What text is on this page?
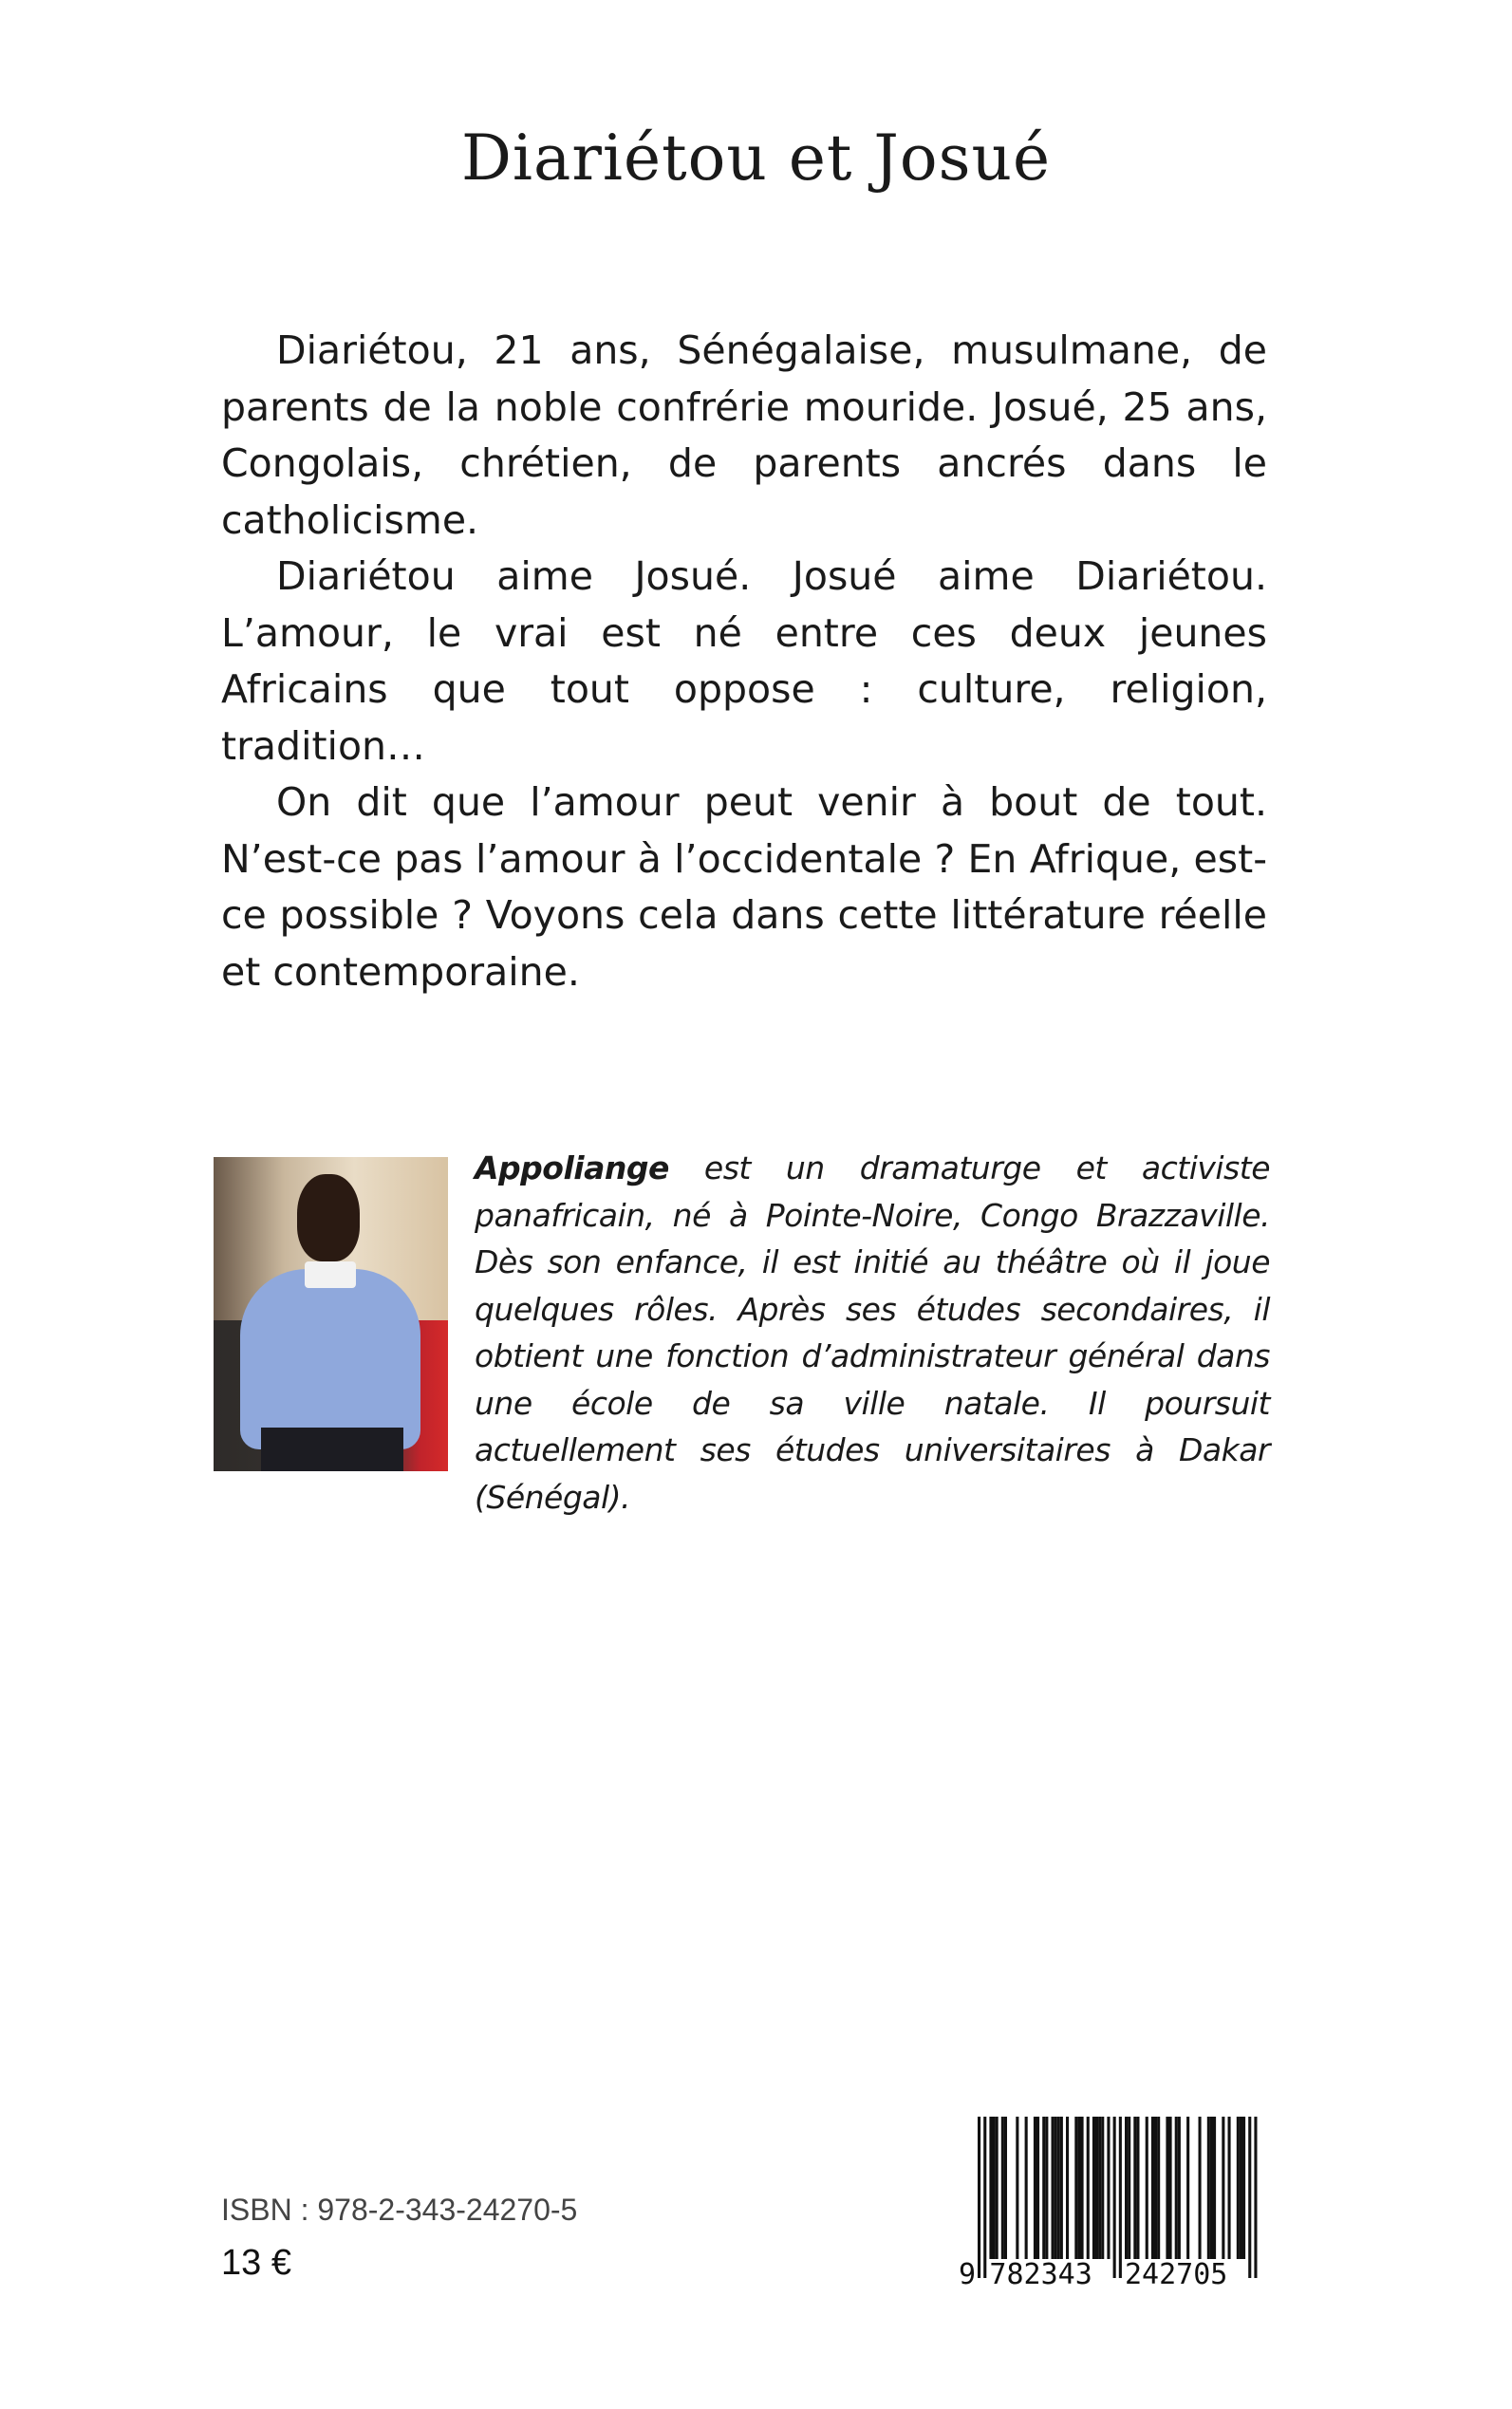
Diariétou et Josué

Diariétou, 21 ans, Sénégalaise, musulmane, de parents de la noble confrérie mouride. Josué, 25 ans, Congolais, chrétien, de parents ancrés dans le catholicisme.

Diariétou aime Josué. Josué aime Diariétou. L’amour, le vrai est né entre ces deux jeunes Africains que tout oppose : culture, religion, tradition…

On dit que l’amour peut venir à bout de tout. N’est-ce pas l’amour à l’occidentale ? En Afrique, est-ce possible ? Voyons cela dans cette littérature réelle et contemporaine.

Appoliange est un dramaturge et activiste panafricain, né à Pointe-Noire, Congo Brazzaville. Dès son enfance, il est initié au théâtre où il joue quelques rôles. Après ses études secondaires, il obtient une fonction d’administrateur général dans une école de sa ville natale. Il poursuit actuellement ses études universitaires à Dakar (Sénégal).
ISBN : 978-2-343-24270-5
13 €	9 782343 242705
